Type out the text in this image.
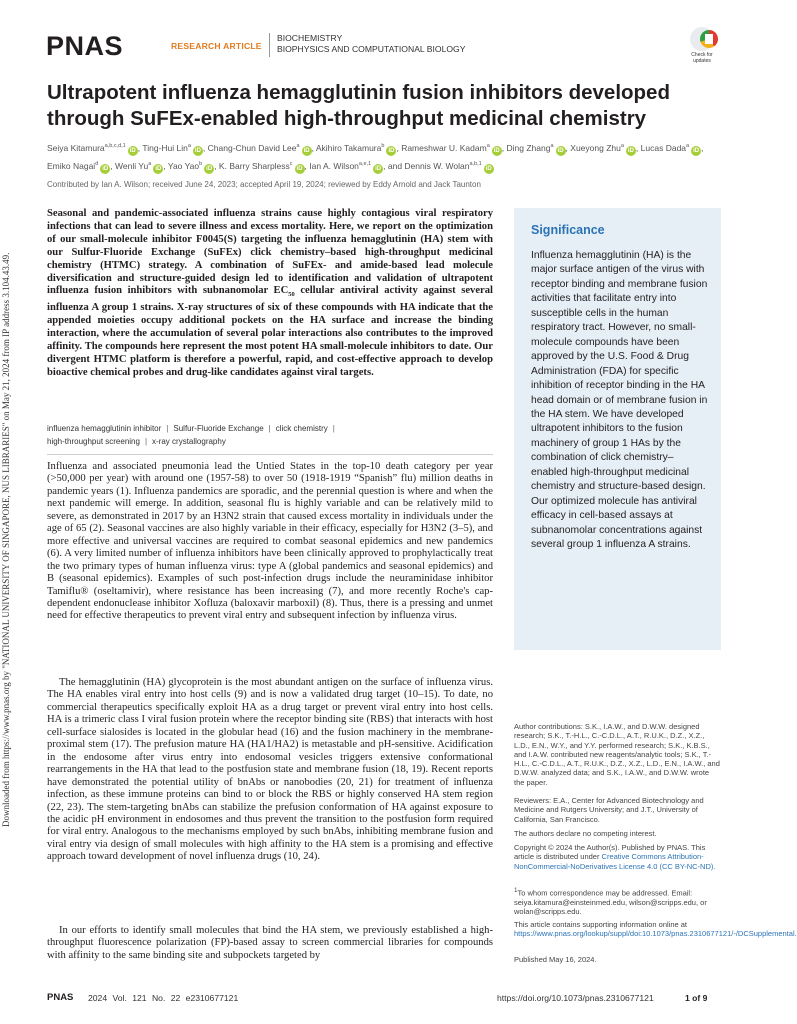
Downloaded from https://www.pnas.org by "NATIONAL UNIVERSITY OF SINGAPORE, NUS LIBRARIES" on May 21, 2024 from IP address 3.104.43.49.
PNAS	RESEARCH ARTICLE
BIOCHEMISTRY
BIOPHYSICS AND COMPUTATIONAL BIOLOGY
Check for updates
Ultrapotent influenza hemagglutinin fusion inhibitors developed through SuFEx-enabled high-throughput medicinal chemistry
Seiya Kitamura$^{a,b,c,d,1}$iD , Ting-Hui Lin$^a$iD , Chang-Chun David Lee$^a$iD , Akihiro Takamura$^b$iD , Rameshwar U. Kadam$^a$iD , Ding Zhang$^a$iD , Xueyong Zhu$^a$iD , Lucas Dada$^a$iD , Emiko Nagai$^d$iD , Wenli Yu$^a$iD , Yao Yao$^b$iD , K. Barry Sharpless$^c$iD , Ian A. Wilson$^{a,e,1}$iD , and Dennis W. Wolan$^{a,b,1}$iD
Contributed by Ian A. Wilson; received June 24, 2023; accepted April 19, 2024; reviewed by Eddy Arnold and Jack Taunton

Seasonal and pandemic-associated influenza strains cause highly contagious viral respiratory infections that can lead to severe illness and excess mortality. Here, we report on the optimization of our small-molecule inhibitor F0045(S) targeting the influenza hemagglutinin (HA) stem with our Sulfur-Fluoride Exchange (SuFEx) click chemistry–based high-throughput medicinal chemistry (HTMC) strategy. A combination of SuFEx- and amide-based lead molecule diversification and structure-guided design led to identification and validation of ultrapotent influenza fusion inhibitors with subnanomolar $EC_{50}$ cellular antiviral activity against several influenza A group 1 strains. X-ray structures of six of these compounds with HA indicate that the appended moieties occupy additional pockets on the HA surface and increase the binding interaction, where the accumulation of several polar interactions also contributes to the improved affinity. The compounds here represent the most potent HA small-molecule inhibitors to date. Our divergent HTMC platform is therefore a powerful, rapid, and cost-effective approach to develop bioactive chemical probes and drug-like candidates against viral targets.

influenza hemagglutinin inhibitor | Sulfur-Fluoride Exchange | click chemistry |
high-throughput screening | x-ray crystallography

Influenza and associated pneumonia lead the Untied States in the top-10 death category per year (>50,000 per year) with around one (1957-58) to over 50 (1918-1919 “Spanish” flu) million deaths in pandemic years (1). Influenza pandemics are sporadic, and the perennial question is where and when the next pandemic will emerge. In addition, seasonal flu is highly variable and can be relatively mild to severe, as demonstrated in 2017 by an H3N2 strain that caused excess mortality in individuals under the age of 65 (2). Seasonal vaccines are also highly variable in their efficacy, especially for H3N2 (3–5), and more effective and universal vaccines are required to combat seasonal epidemics and new pandemics (6). A very limited number of influenza inhibitors have been clinically approved to prophylactically treat the two primary types of human influenza virus: type A (global pandemics and seasonal epidemics) and B (seasonal epidemics). Examples of such post-infection drugs include the neuraminidase inhibitor Tamiflu® (oseltamivir), where resistance has been increasing (7), and more recently Roche's cap-dependent endonuclease inhibitor Xofluza (baloxavir marboxil) (8). Thus, there is a pressing and unmet need for effective therapeutics to prevent viral entry and subsequent infection by influenza virus.

The hemagglutinin (HA) glycoprotein is the most abundant antigen on the surface of influenza virus. The HA enables viral entry into host cells (9) and is now a validated drug target (10–15). To date, no commercial therapeutics specifically exploit HA as a drug target or prevent viral entry into host cells. HA is a trimeric class I viral fusion protein where the receptor binding site (RBS) that interacts with host cell-surface sialosides is located in the globular head (16) and the fusion machinery in the membrane-proximal stem (17). The prefusion mature HA (HA1/HA2) is metastable and pH-sensitive. Acidification in the endosome after virus entry into endosomal vesicles triggers extensive conformational rearrangements in the HA that lead to the postfusion state and membrane fusion (18, 19). Recent reports have demonstrated the potential utility of bnAbs or nanobodies (20, 21) for treatment of influenza infection, as these immune proteins can bind to or block the RBS or highly conserved HA stem region (22, 23). The stem-targeting bnAbs can stabilize the prefusion conformation of HA against exposure to the acidic pH environment in endosomes and thus prevent the transition to the postfusion form required for viral entry. Analogous to the mechanisms employed by such bnAbs, inhibiting membrane fusion and viral entry via design of small molecules with high affinity to the HA stem is a promising and effective approach toward development of novel influenza drugs (10, 24).

In our efforts to identify small molecules that bind the HA stem, we previously established a high-throughput fluorescence polarization (FP)-based assay to screen commercial libraries for compounds with affinity to the same binding site and subpockets targeted by

Significance

Influenza hemagglutinin (HA) is the major surface antigen of the virus with receptor binding and membrane fusion activities that facilitate entry into susceptible cells in the human respiratory tract. However, no small-molecule compounds have been approved by the U.S. Food & Drug Administration (FDA) for specific inhibition of receptor binding in the HA head domain or of membrane fusion in the HA stem. We have developed ultrapotent inhibitors to the fusion machinery of group 1 HAs by the combination of click chemistry–enabled high-throughput medicinal chemistry and structure-based design. Our optimized molecule has antiviral efficacy in cell-based assays at subnanomolar concentrations against several group 1 influenza A strains.

Author contributions: S.K., I.A.W., and D.W.W. designed research; S.K., T.-H.L., C.-C.D.L., A.T., R.U.K., D.Z., X.Z., L.D., E.N., W.Y., and Y.Y. performed research; S.K., K.B.S., and I.A.W. contributed new reagents/analytic tools; S.K., T.-H.L., C.-C.D.L., A.T., R.U.K., D.Z., X.Z., L.D., E.N., I.A.W., and D.W.W. analyzed data; and S.K., I.A.W., and D.W.W. wrote the paper.

Reviewers: E.A., Center for Advanced Biotechnology and Medicine and Rutgers University; and J.T., University of California, San Francisco.

The authors declare no competing interest.

Copyright © 2024 the Author(s). Published by PNAS. This article is distributed under Creative Commons Attribution-NonCommercial-NoDerivatives License 4.0 (CC BY-NC-ND).

$^1$To whom correspondence may be addressed. Email: seiya.kitamura@einsteinmed.edu, wilson@scripps.edu, or wolan@scripps.edu.

This article contains supporting information online at https://www.pnas.org/lookup/suppl/doi:10.1073/pnas.2310677121/-/DCSupplemental.

Published May 16, 2024.

PNAS 2024 Vol. 121 No. 22 e2310677121	https://doi.org/10.1073/pnas.2310677121	1 of 9
